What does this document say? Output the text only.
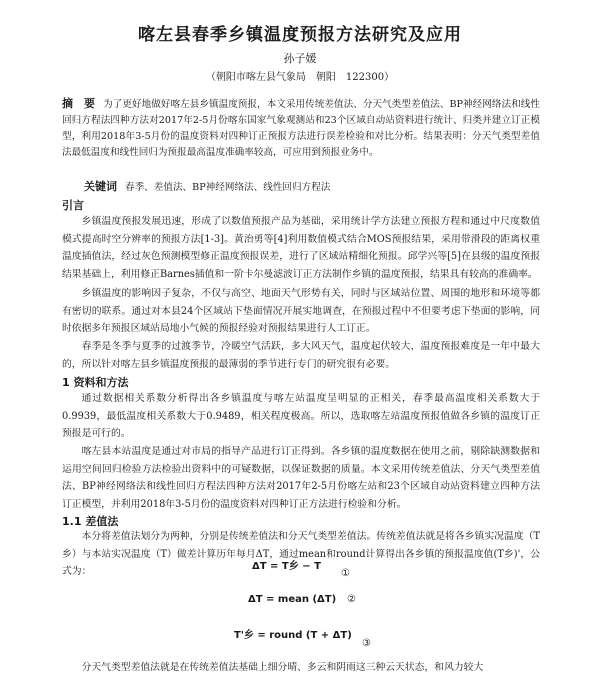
喀左县春季乡镇温度预报方法研究及应用
孙子媛
（朝阳市喀左县气象局　朝阳　122300）
摘　要 为了更好地做好喀左县乡镇温度预报，本文采用传统差值法、分天气类型差值法、BP神经网络法和线性回归方程法四种方法对2017年2-5月份喀东国家气象观测站和23个区域自动站资料进行统计、归类并建立订正模型，利用2018年3-5月份的温度资料对四种订正预报方法进行误差检验和对比分析。结果表明：分天气类型差值法最低温度和线性回归为预报最高温度准确率较高，可应用到预报业务中。
关键词 春季、差值法、BP神经网络法、线性回归方程法
引言
乡镇温度预报发展迅速，形成了以数值预报产品为基础，采用统计学方法建立预报方程和通过中尺度数值模式提高时空分辨率的预报方法[1-3]。黄治勇等[4]利用数值模式结合MOS预报结果，采用带滑段的距离权重温度插值法，经过灰色预测模型修正温度预报误差，进行了区域站精细化预报。邱学兴等[5]在县级的温度预报结果基础上，利用修正Barnes插值和一阶卡尔曼滤波订正方法制作乡镇的温度预报，结果具有较高的准确率。
乡镇温度的影响因子复杂，不仅与高空、地面天气形势有关，同时与区域站位置、周围的地形和环境等都有密切的联系。通过对本县24个区域站下垫面情况开展实地调查，在预报过程中不但要考虑下垫面的影响，同时依据多年预报区域站局地小气候的预报经验对预报结果进行人工订正。
春季是冬季与夏季的过渡季节，冷暖空气活跃，多大风天气，温度起伏较大，温度预报难度是一年中最大的，所以针对喀左县乡镇温度预报的最薄弱的季节进行专门的研究很有必要。
1 资料和方法
通过数据相关系数分析得出各乡镇温度与喀左站温度呈明显的正相关，春季最高温度相关系数大于0.9939，最低温度相关系数大于0.9489，相关程度极高。所以，选取喀左站温度预报值做各乡镇的温度订正预报是可行的。
喀左县本站温度是通过对市局的指导产品进行订正得到。各乡镇的温度数据在使用之前，剔除缺测数据和运用空间回归检验方法检验出资料中的可疑数据，以保证数据的质量。本文采用传统差值法、分天气类型差值法、BP神经网络法和线性回归方程法四种方法对2017年2-5月份喀左站和23个区域自动站资料建立四种方法订正模型，并利用2018年3-5月份的温度资料对四种订正方法进行检验和分析。
1.1 差值法
本分将差值法划分为两种，分别是传统差值法和分天气类型差值法。传统差值法就是将各乡镇实况温度（T乡）与本站实况温度（T）做差计算历年每月ΔT，通过mean和round计算得出各乡镇的预报温度值(T乡)'，公式为：	ΔT = T乡 − T
①
ΔT = mean (ΔT) ②
T'乡 = round (T + ΔT)
③
分天气类型差值法就是在传统差值法基础上细分晴、多云和阴雨这三种云天状态，和风力较大
